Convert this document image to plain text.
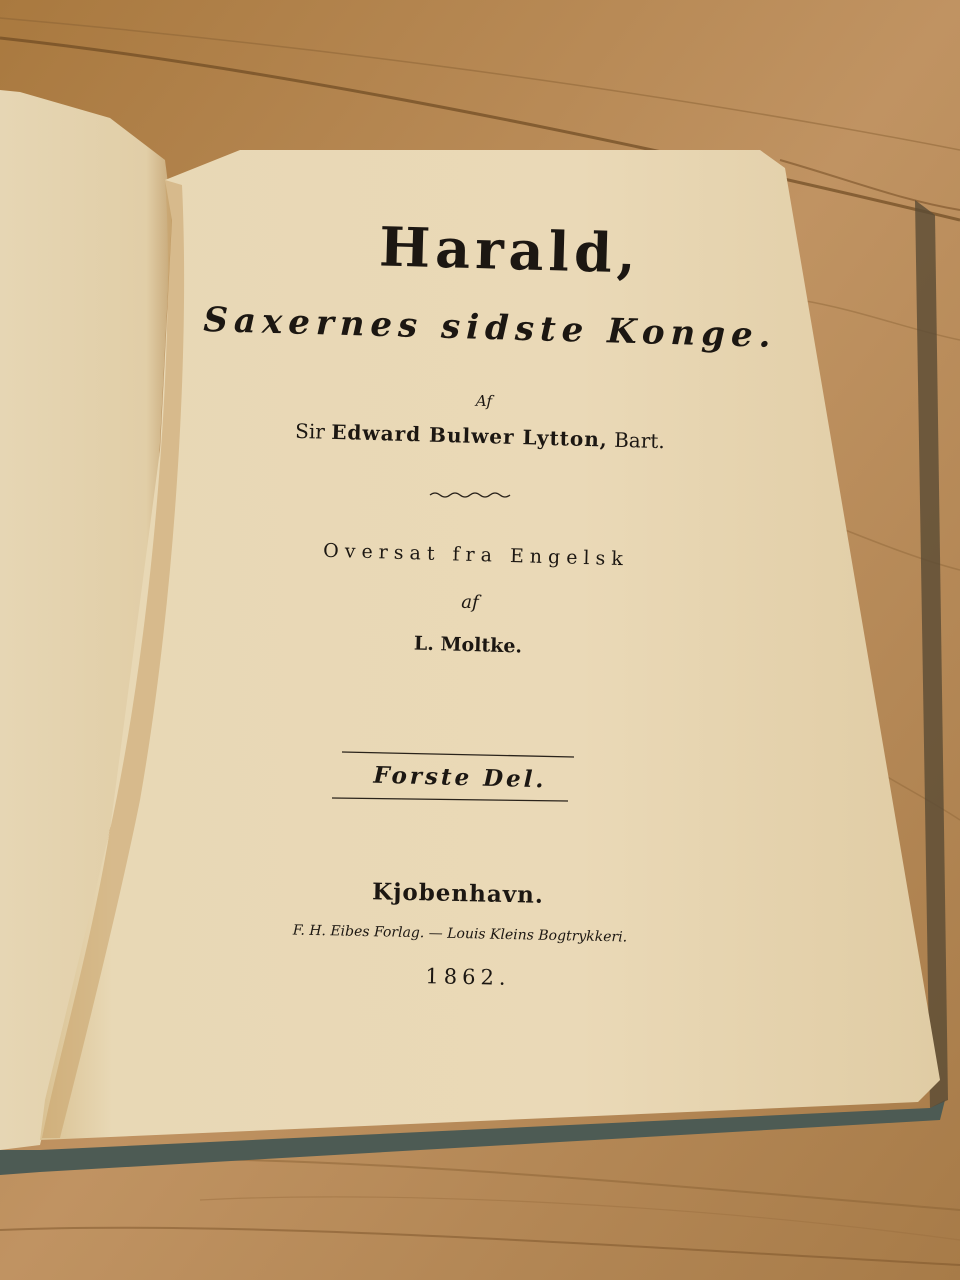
Harald,
Saxernes sidste Konge.
Af
Sir Edward Bulwer Lytton, Bart.
Oversat fra Engelsk
af
L. Moltke.
Forste Del.
Kjobenhavn.
F. H. Eibes Forlag. — Louis Kleins Bogtrykkeri.
1862.
